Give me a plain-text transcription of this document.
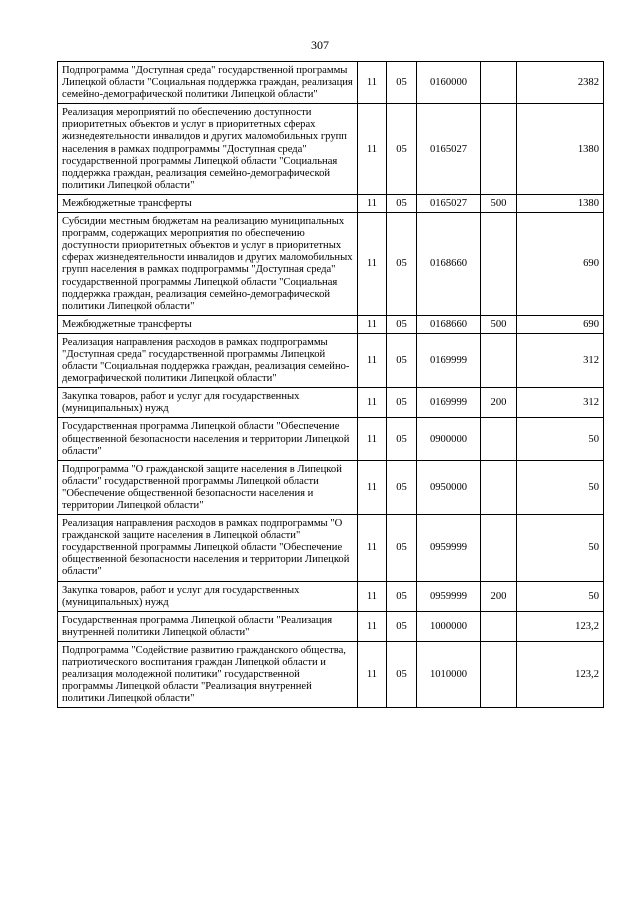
307
Подпрограмма "Доступная среда" государственной программы Липецкой области "Социальная поддержка граждан, реализация семейно-демографической политики Липецкой области"	11	05	0160000		2382
Реализация мероприятий по обеспечению доступности приоритетных объектов и услуг в приоритетных сферах жизнедеятельности инвалидов и других маломобильных групп населения в рамках подпрограммы "Доступная среда" государственной программы Липецкой области "Социальная поддержка граждан, реализация семейно-демографической политики Липецкой области"	11	05	0165027		1380
Межбюджетные трансферты	11	05	0165027	500	1380
Субсидии местным бюджетам на реализацию муниципальных программ, содержащих мероприятия по обеспечению доступности приоритетных объектов и услуг в приоритетных сферах жизнедеятельности инвалидов и других маломобильных групп населения в рамках подпрограммы "Доступная среда" государственной программы Липецкой области "Социальная поддержка граждан, реализация семейно-демографической политики Липецкой области"	11	05	0168660		690
Межбюджетные трансферты	11	05	0168660	500	690
Реализация направления расходов в рамках подпрограммы "Доступная среда" государственной программы Липецкой области "Социальная поддержка граждан, реализация семейно-демографической политики Липецкой области"	11	05	0169999		312
Закупка товаров, работ и услуг для государственных (муниципальных) нужд	11	05	0169999	200	312
Государственная программа Липецкой области "Обеспечение общественной безопасности населения и территории Липецкой области"	11	05	0900000		50
Подпрограмма "О гражданской защите населения в Липецкой области" государственной программы Липецкой области "Обеспечение общественной безопасности населения и территории Липецкой области"	11	05	0950000		50
Реализация направления расходов в рамках подпрограммы "О гражданской защите населения в Липецкой области" государственной программы Липецкой области "Обеспечение общественной безопасности населения и территории Липецкой области"	11	05	0959999		50
Закупка товаров, работ и услуг для государственных (муниципальных) нужд	11	05	0959999	200	50
Государственная программа Липецкой области "Реализация внутренней политики Липецкой области"	11	05	1000000		123,2
Подпрограмма "Содействие развитию гражданского общества, патриотического воспитания граждан Липецкой области и реализация молодежной политики" государственной программы Липецкой области "Реализация внутренней политики Липецкой области"	11	05	1010000		123,2
